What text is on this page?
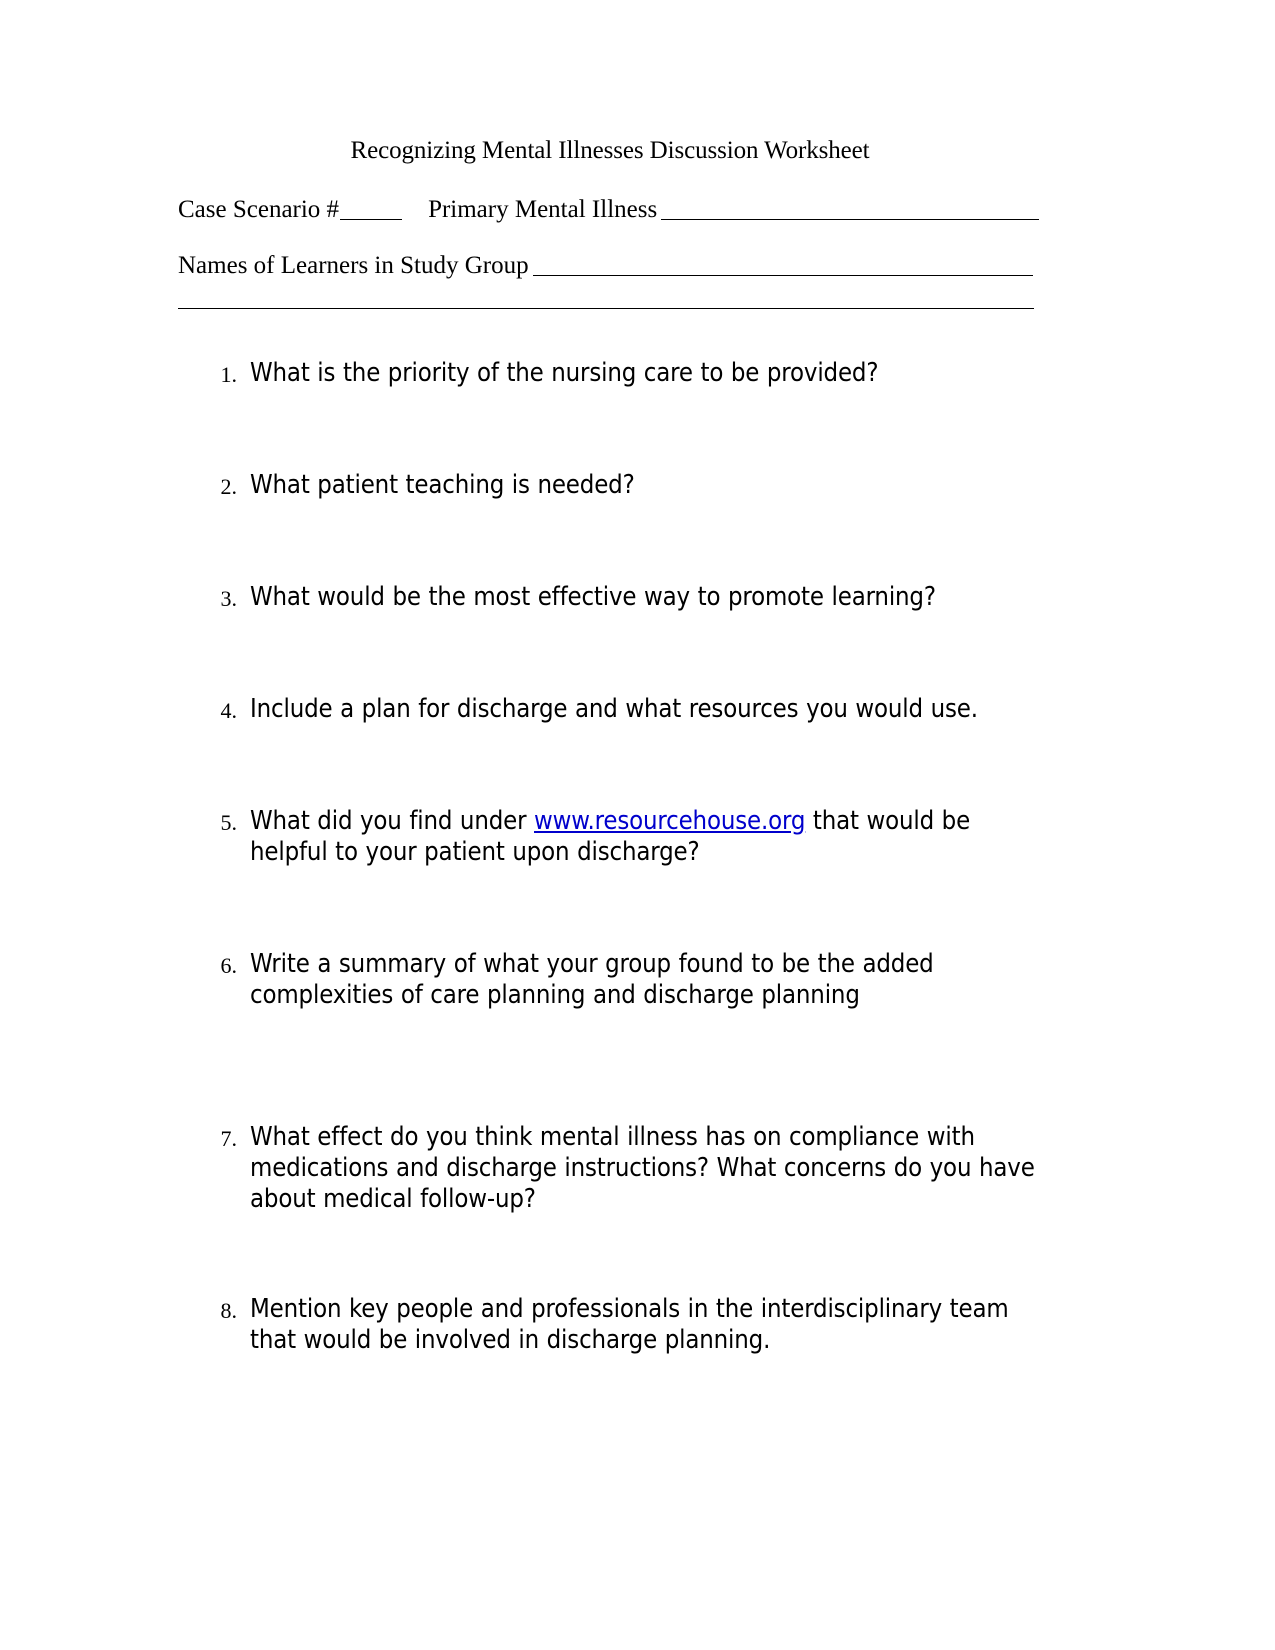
Recognizing Mental Illnesses Discussion Worksheet
Case Scenario #	Primary Mental Illness
Names of Learners in Study Group
1. What is the priority of the nursing care to be provided?
2. What patient teaching is needed?
3. What would be the most effective way to promote learning?
4. Include a plan for discharge and what resources you would use.
5. What did you find under www.resourcehouse.org that would be helpful to your patient upon discharge?
6. Write a summary of what your group found to be the added complexities of care planning and discharge planning
7. What effect do you think mental illness has on compliance with medications and discharge instructions? What concerns do you have about medical follow-up?
8. Mention key people and professionals in the interdisciplinary team that would be involved in discharge planning.
